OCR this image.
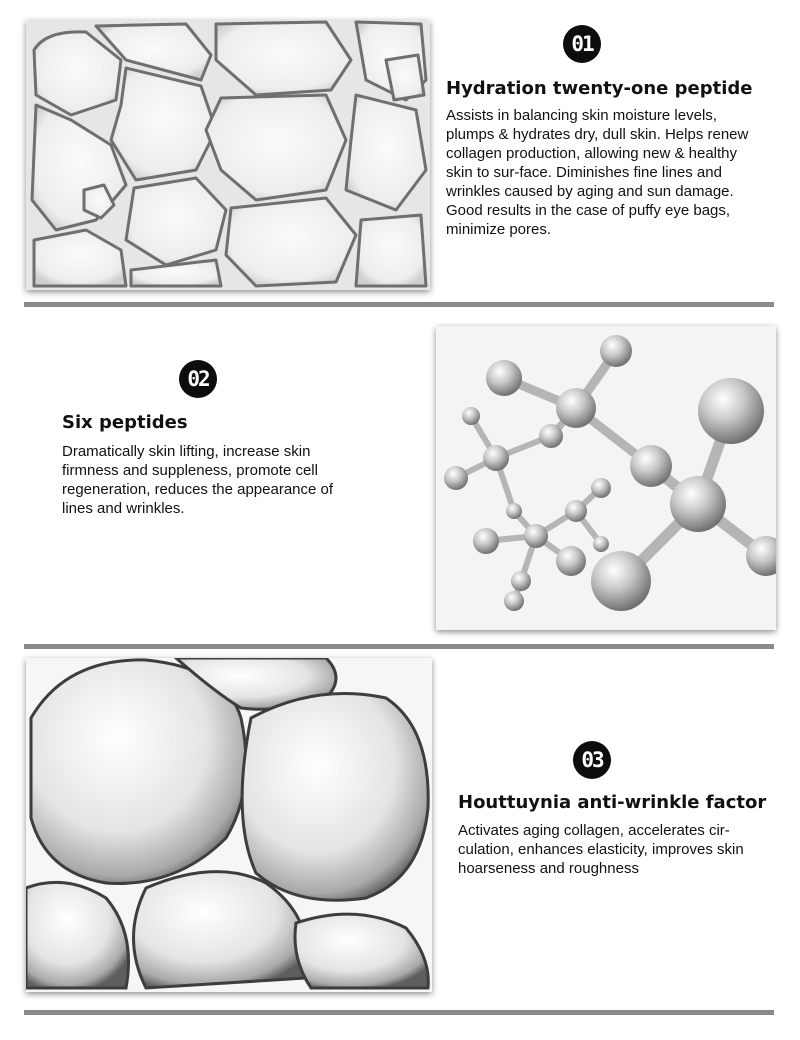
01
Hydration twenty-one peptide
Assists in balancing skin moisture levels, plumps & hydrates dry, dull skin. Helps renew collagen production, allowing new & healthy skin to sur-face. Diminishes fine lines and wrinkles caused by aging and sun damage. Good results in the case of puffy eye bags, minimize pores.
02
Six peptides
Dramatically skin lifting, increase skin firmness and suppleness, promote cell regeneration, reduces the appearance of lines and wrinkles.
03
Houttuynia anti-wrinkle factor
Activates aging collagen, accelerates cir-culation, enhances elasticity, improves skin hoarseness and roughness
